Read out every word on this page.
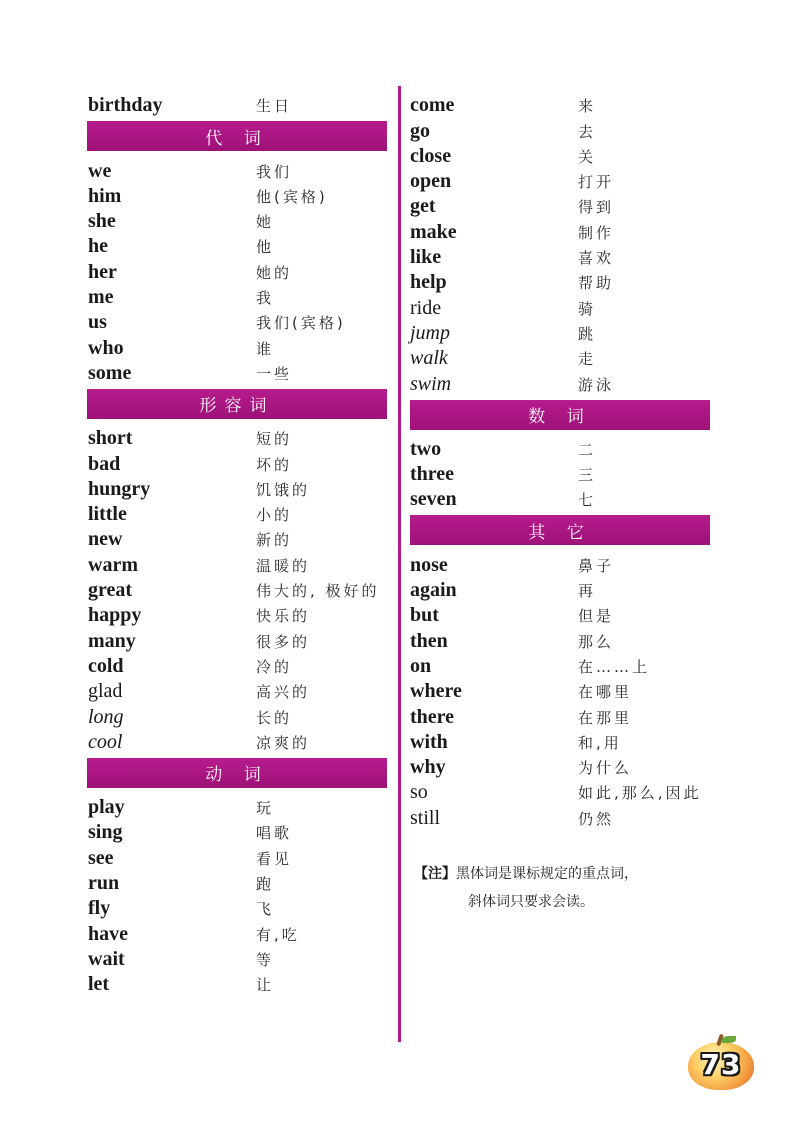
birthday	生日
代 词
we	我们
him	他(宾格)
she	她
he	他
her	她的
me	我
us	我们(宾格)
who	谁
some	一些
形容词
short	短的
bad	坏的
hungry	饥饿的
little	小的
new	新的
warm	温暖的
great	伟大的, 极好的
happy	快乐的
many	很多的
cold	冷的
glad	高兴的
long	长的
cool	凉爽的
动 词
play	玩
sing	唱歌
see	看见
run	跑
fly	飞
have	有,吃
wait	等
let	让
come	来
go	去
close	关
open	打开
get	得到
make	制作
like	喜欢
help	帮助
ride	骑
jump	跳
walk	走
swim	游泳
数 词
two	二
three	三
seven	七
其 它
nose	鼻子
again	再
but	但是
then	那么
on	在……上
where	在哪里
there	在那里
with	和,用
why	为什么
so	如此,那么,因此
still	仍然
【注】黑体词是课标规定的重点词，
斜体词只要求会读。
73
